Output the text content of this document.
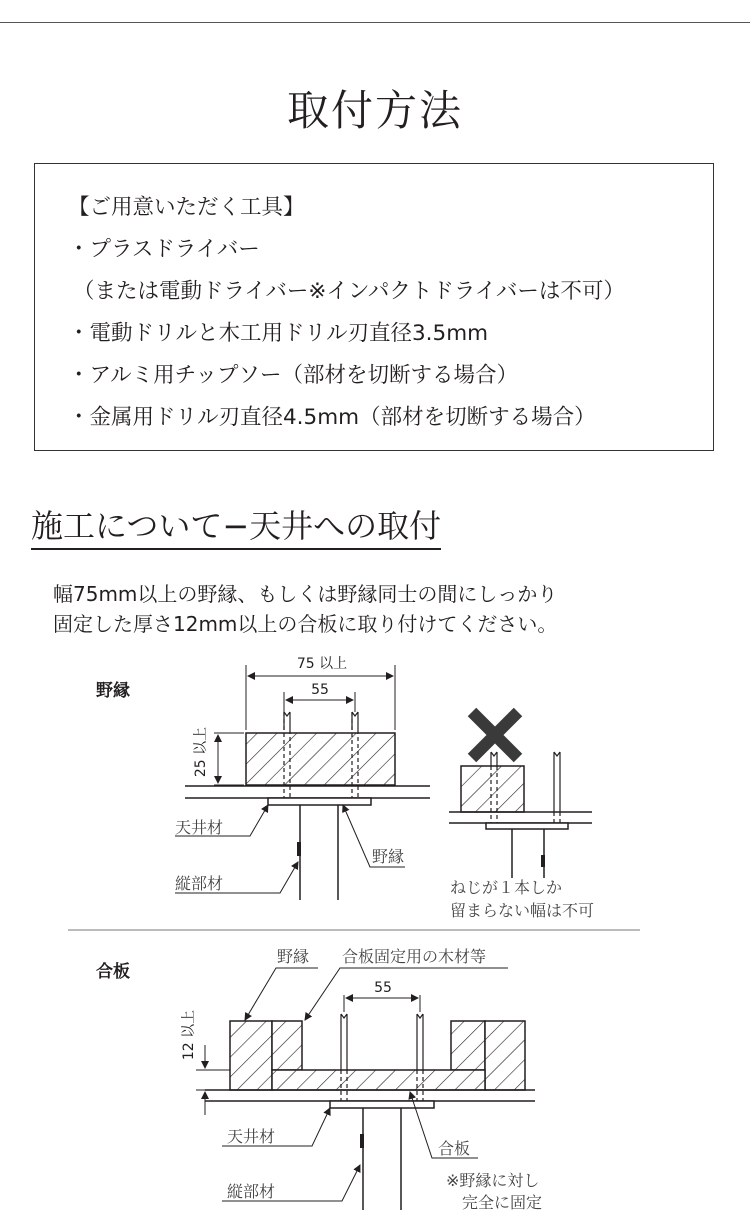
取付方法
【ご用意いただく工具】
・プラスドライバー
（または電動ドライバー※インパクトドライバーは不可）
・電動ドリルと木工用ドリル刃直径3.5mm
・アルミ用チップソー（部材を切断する場合）
・金属用ドリル刃直径4.5mm（部材を切断する場合）
施工について−天井への取付
幅75mm以上の野縁、もしくは野縁同士の間にしっかり
固定した厚さ12mm以上の合板に取り付けてください。
野縁
75 以上
55
25 以上
天井材
野縁
縦部材	ねじが１本しか
留まらない幅は不可
合板
野縁 合板固定用の木材等
55
12 以上
天井材
合板
縦部材
※野縁に対し
完全に固定
